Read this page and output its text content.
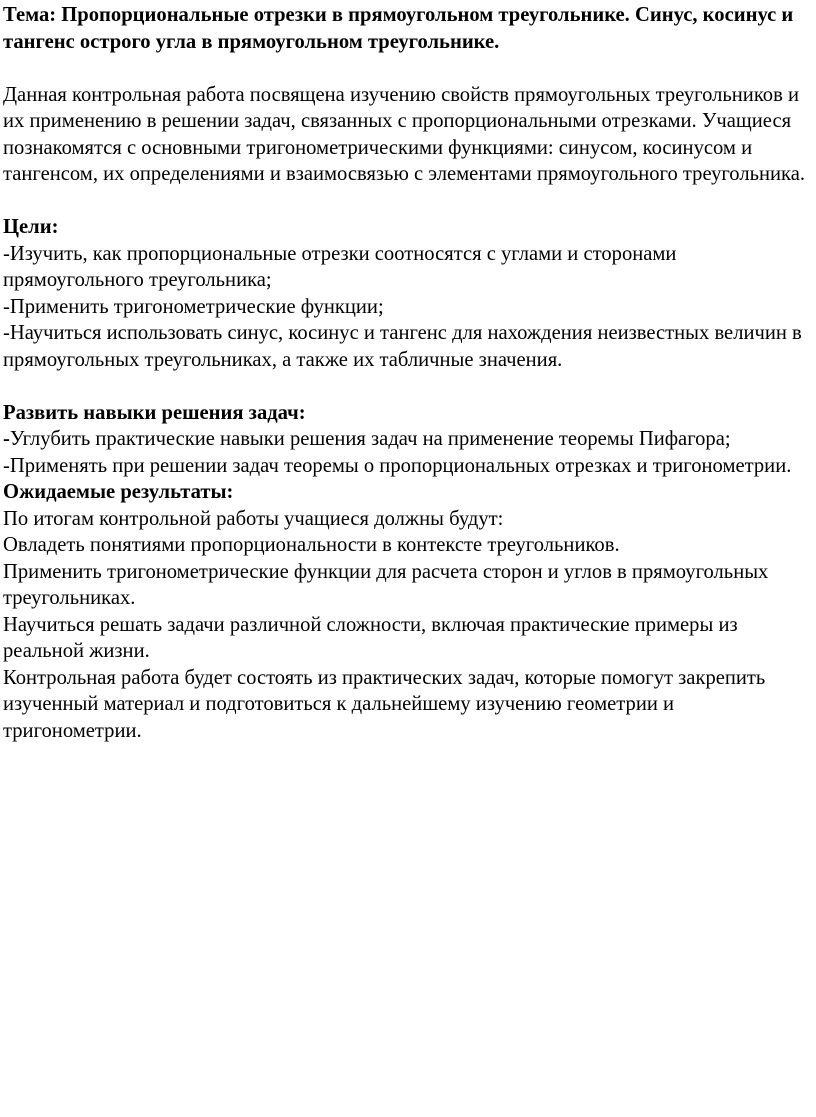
Тема: Пропорциональные отрезки в прямоугольном треугольнике. Синус, косинус и тангенс острого угла в прямоугольном треугольнике.

Данная контрольная работа посвящена изучению свойств прямоугольных треугольников и их применению в решении задач, связанных с пропорциональными отрезками. Учащиеся познакомятся с основными тригонометрическими функциями: синусом, косинусом и тангенсом, их определениями и взаимосвязью с элементами прямоугольного треугольника.

Цели:

-Изучить, как пропорциональные отрезки соотносятся с углами и сторонами прямоугольного треугольника;

-Применить тригонометрические функции;

-Научиться использовать синус, косинус и тангенс для нахождения неизвестных величин в прямоугольных треугольниках, а также их табличные значения.

Развить навыки решения задач:

-Углубить практические навыки решения задач на применение теоремы Пифагора;

-Применять при решении задач теоремы о пропорциональных отрезках и тригонометрии.

Ожидаемые результаты:

По итогам контрольной работы учащиеся должны будут:

Овладеть понятиями пропорциональности в контексте треугольников.

Применить тригонометрические функции для расчета сторон и углов в прямоугольных треугольниках.

Научиться решать задачи различной сложности, включая практические примеры из реальной жизни.

Контрольная работа будет состоять из практических задач, которые помогут закрепить изученный материал и подготовиться к дальнейшему изучению геометрии и тригонометрии.
